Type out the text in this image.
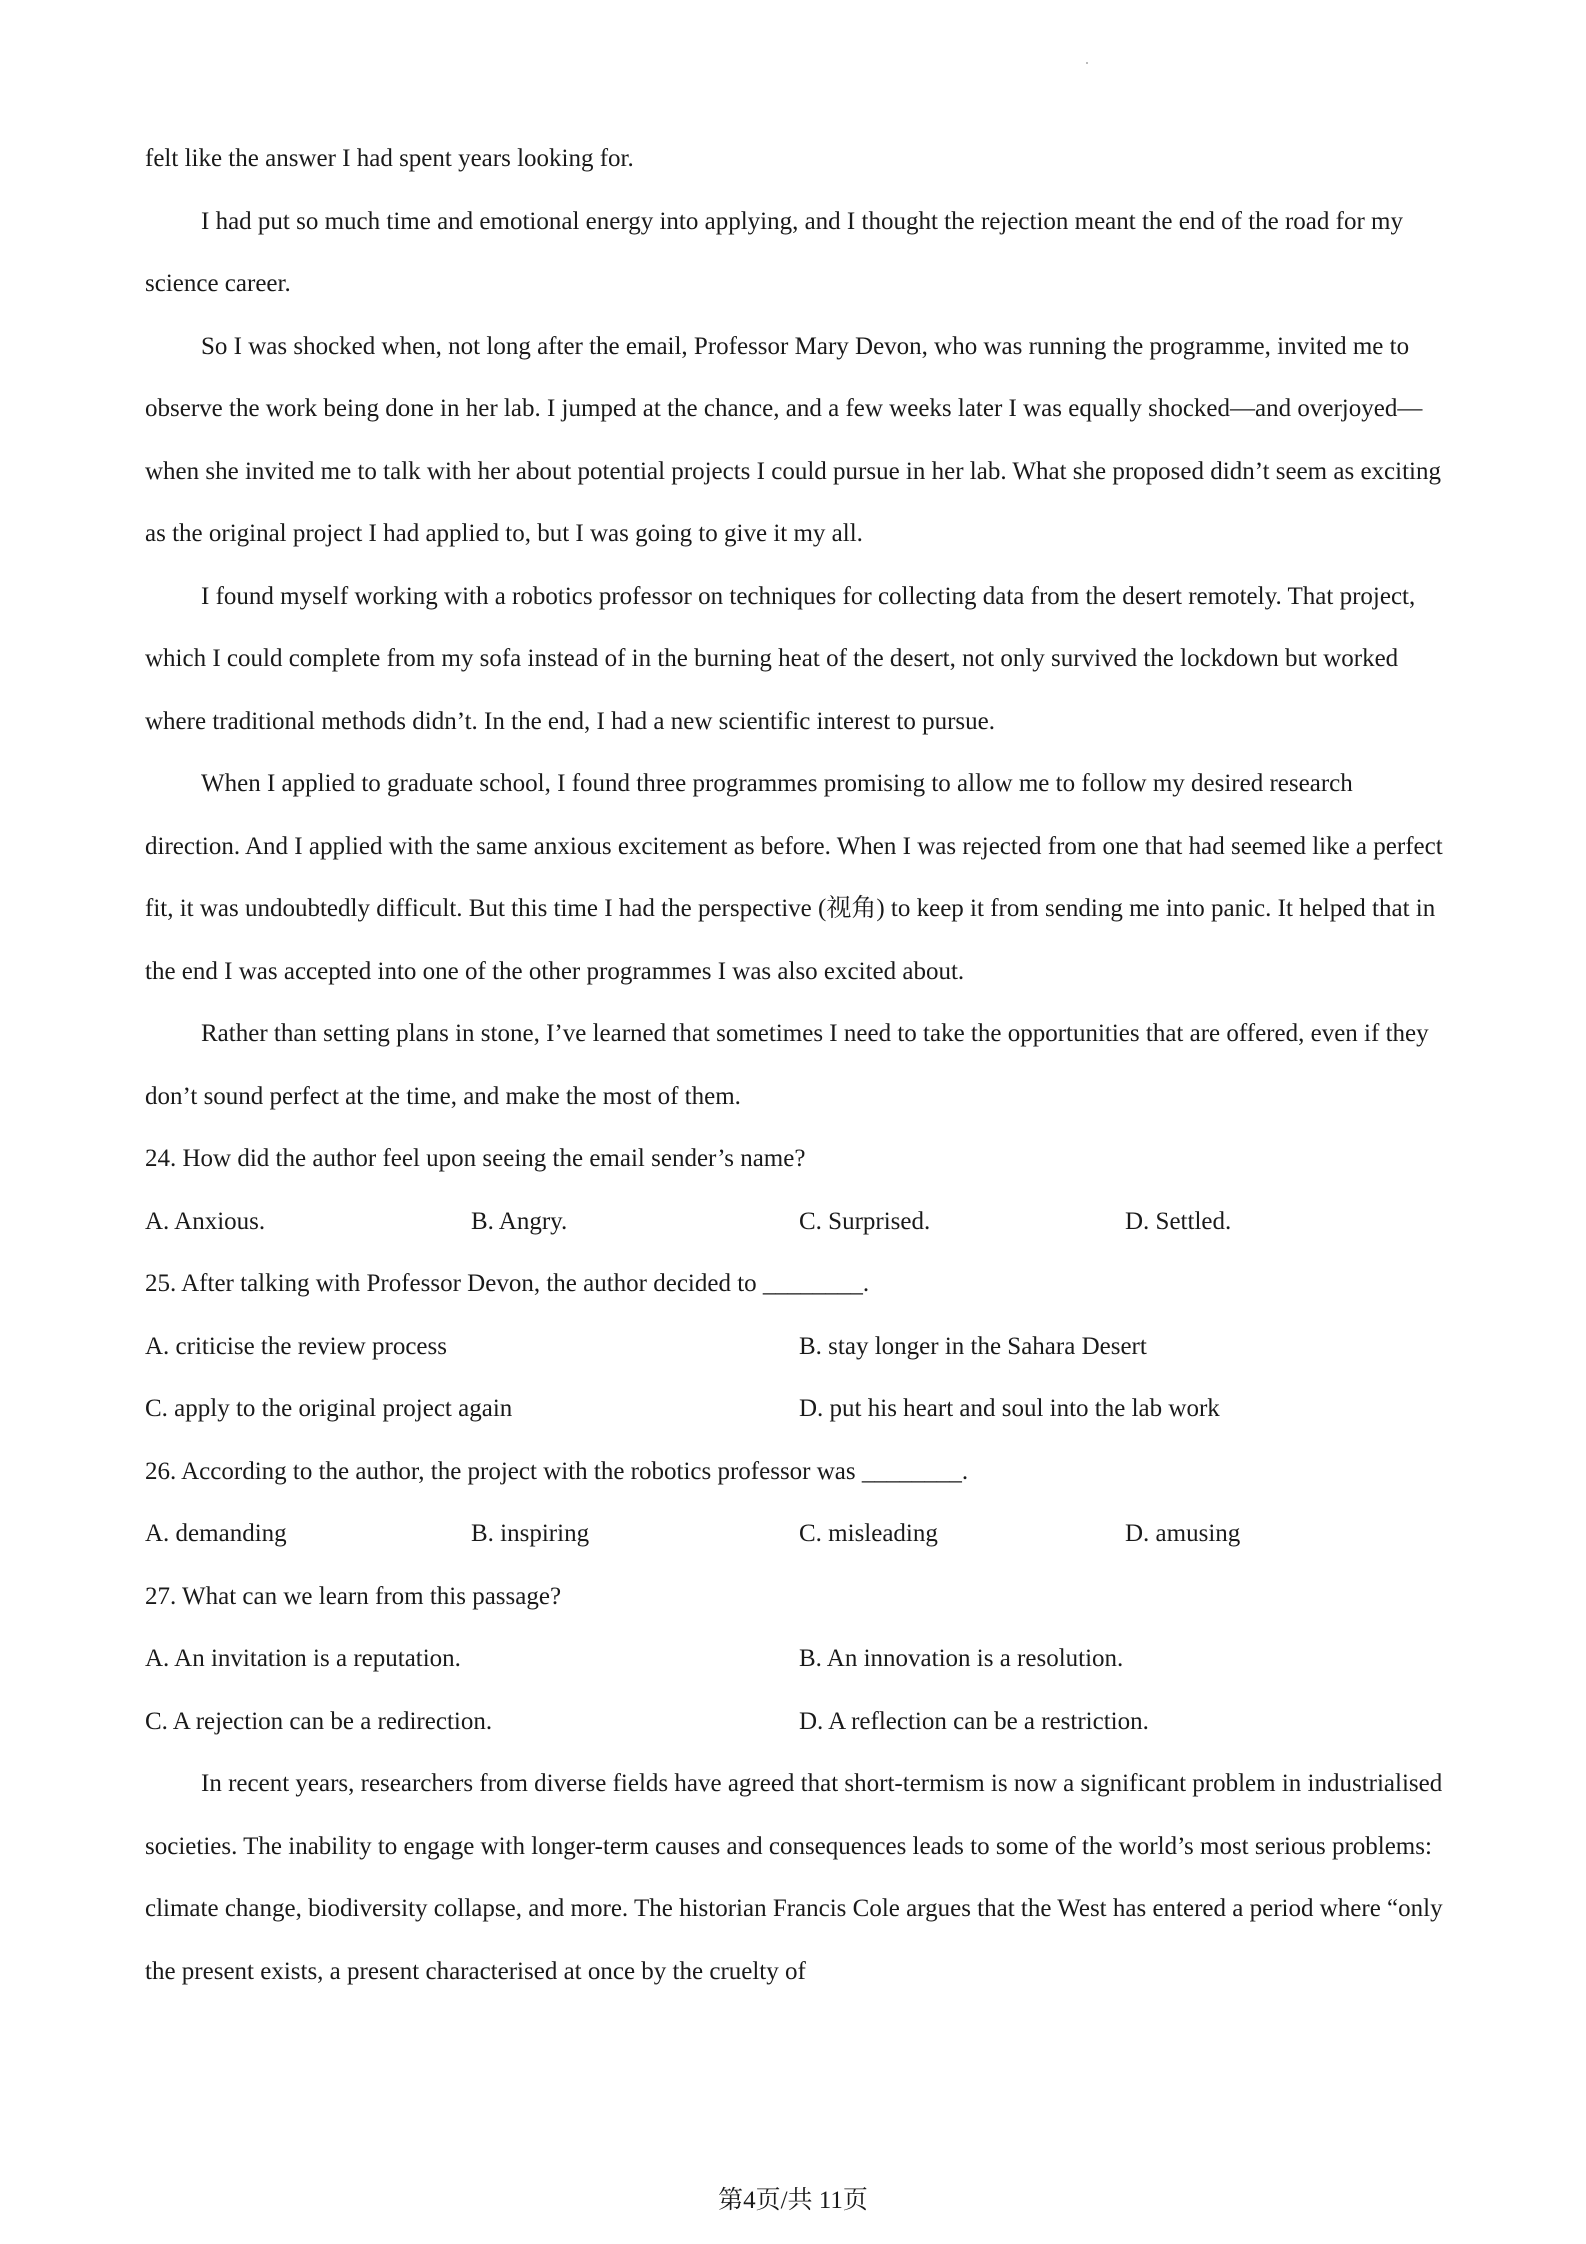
felt like the answer I had spent years looking for.

I had put so much time and emotional energy into applying, and I thought the rejection meant the end of the road for my science career.

So I was shocked when, not long after the email, Professor Mary Devon, who was running the programme, invited me to observe the work being done in her lab. I jumped at the chance, and a few weeks later I was equally shocked—and overjoyed—when she invited me to talk with her about potential projects I could pursue in her lab. What she proposed didn’t seem as exciting as the original project I had applied to, but I was going to give it my all.

I found myself working with a robotics professor on techniques for collecting data from the desert remotely. That project, which I could complete from my sofa instead of in the burning heat of the desert, not only survived the lockdown but worked where traditional methods didn’t. In the end, I had a new scientific interest to pursue.

When I applied to graduate school, I found three programmes promising to allow me to follow my desired research direction. And I applied with the same anxious excitement as before. When I was rejected from one that had seemed like a perfect fit, it was undoubtedly difficult. But this time I had the perspective (视角) to keep it from sending me into panic. It helped that in the end I was accepted into one of the other programmes I was also excited about.

Rather than setting plans in stone, I’ve learned that sometimes I need to take the opportunities that are offered, even if they don’t sound perfect at the time, and make the most of them.

24. How did the author feel upon seeing the email sender’s name?

A. Anxious.	B. Angry.	C. Surprised.	D. Settled.

25. After talking with Professor Devon, the author decided to ________.

A. criticise the review process	B. stay longer in the Sahara Desert
C. apply to the original project again	D. put his heart and soul into the lab work

26. According to the author, the project with the robotics professor was ________.

A. demanding	B. inspiring	C. misleading	D. amusing

27. What can we learn from this passage?

A. An invitation is a reputation.	B. An innovation is a resolution.
C. A rejection can be a redirection.	D. A reflection can be a restriction.

In recent years, researchers from diverse fields have agreed that short-termism is now a significant problem in industrialised societies. The inability to engage with longer-term causes and consequences leads to some of the world’s most serious problems: climate change, biodiversity collapse, and more. The historian Francis Cole argues that the West has entered a period where “only the present exists, a present characterised at once by the cruelty of

第4页/共 11页
